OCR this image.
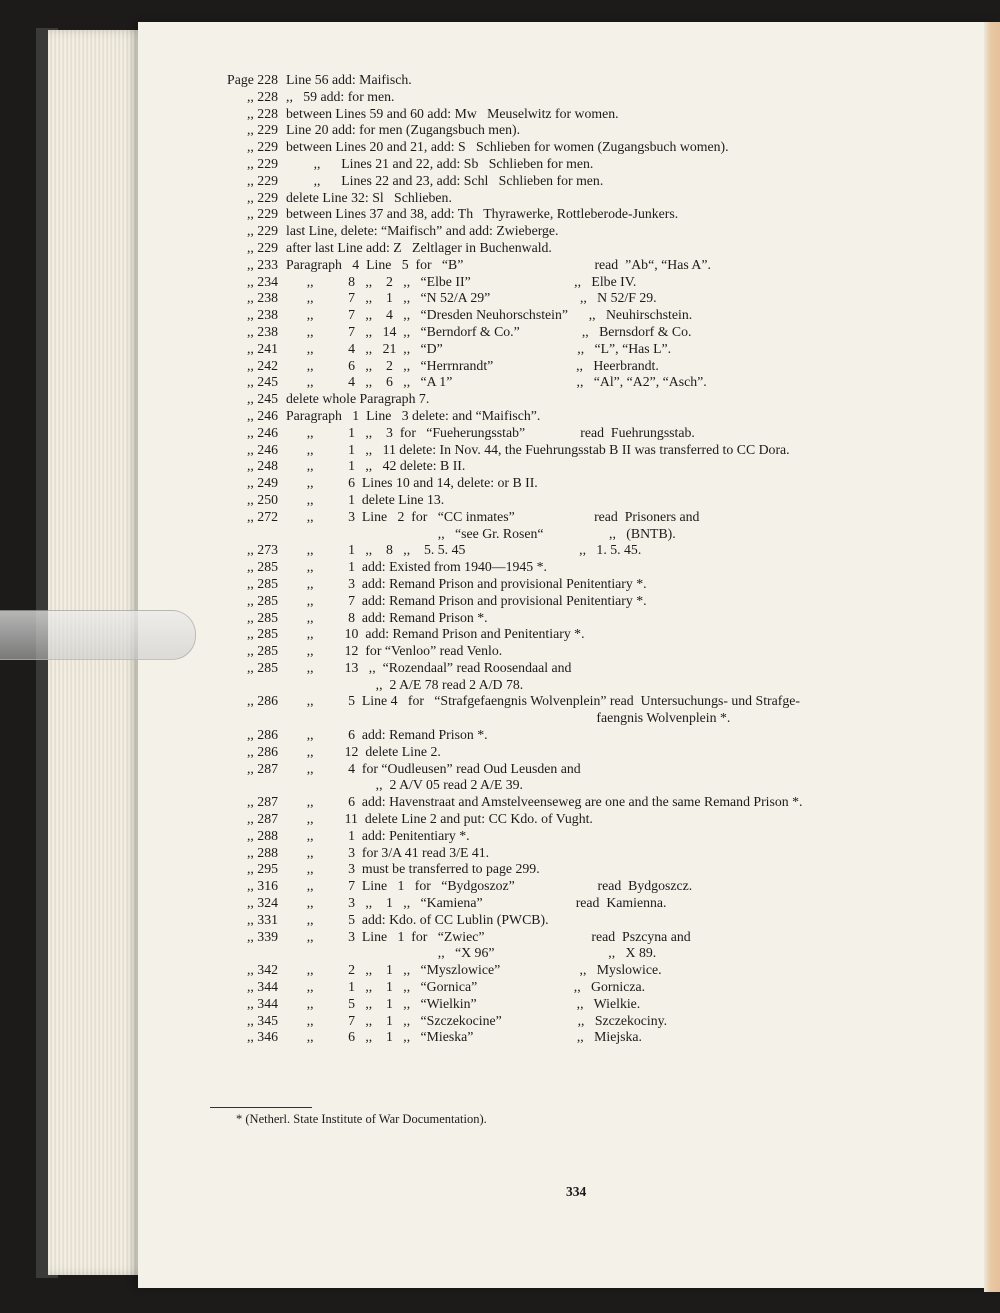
Page 228 Line 56 add: Maifisch.
,, 228 ,,   59 add: for men.
,, 228 between Lines 59 and 60 add: Mw   Meuselwitz for women.
,, 229 Line 20 add: for men (Zugangsbuch men).
,, 229 between Lines 20 and 21, add: S   Schlieben for women (Zugangsbuch women).
,, 229 ,,      Lines 21 and 22, add: Sb   Schlieben for men.
,, 229 ,,      Lines 22 and 23, add: Schl   Schlieben for men.
,, 229 delete Line 32: Sl   Schlieben.
,, 229 between Lines 37 and 38, add: Th   Thyrawerke, Rottleberode-Junkers.
,, 229 last Line, delete: “Maifisch” and add: Zwieberge.
,, 229 after last Line add: Z   Zeltlager in Buchenwald.
,, 233 Paragraph   4  Line   5  for   “B”                                      read  ”Ab“, “Has A”.
,, 234 ,,          8   ,,    2   ,,   “Elbe II”                              ,,   Elbe IV.
,, 238 ,,          7   ,,    1   ,,   “N 52/A 29”                          ,,   N 52/F 29.
,, 238 ,,          7   ,,    4   ,,   “Dresden Neuhorschstein”      ,,   Neuhirschstein.
,, 238 ,,          7   ,,   14  ,,   “Berndorf & Co.”                  ,,   Bernsdorf & Co.
,, 241 ,,          4   ,,   21  ,,   “D”                                       ,,   “L”, “Has L”.
,, 242 ,,          6   ,,    2   ,,   “Herrnrandt”                        ,,   Heerbrandt.
,, 245 ,,          4   ,,    6   ,,   “A 1”                                    ,,   “Al”, “A2”, “Asch”.
,, 245 delete whole Paragraph 7.
,, 246 Paragraph   1  Line   3 delete: and “Maifisch”.
,, 246 ,,          1   ,,    3  for   “Fueherungsstab”                read  Fuehrungsstab.
,, 246 ,,          1   ,,   11 delete: In Nov. 44, the Fuehrungsstab B II was transferred to CC Dora.
,, 248 ,,          1   ,,   42 delete: B II.
,, 249 ,,          6  Lines 10 and 14, delete: or B II.
,, 250 ,,          1  delete Line 13.
,, 272 ,,          3  Line   2  for   “CC inmates”                       read  Prisoners and
,,   “see Gr. Rosen“                   ,,   (BNTB).
,, 273 ,,          1   ,,    8   ,,    5. 5. 45                                 ,,   1. 5. 45.
,, 285 ,,          1  add: Existed from 1940—1945 *.
,, 285 ,,          3  add: Remand Prison and provisional Penitentiary *.
,, 285 ,,          7  add: Remand Prison and provisional Penitentiary *.
,, 285 ,,          8  add: Remand Prison *.
,, 285 ,,         10  add: Remand Prison and Penitentiary *.
,, 285 ,,         12  for “Venloo” read Venlo.
,, 285 ,,         13   ,,  “Rozendaal” read Roosendaal and
,,  2 A/E 78 read 2 A/D 78.
,, 286 ,,          5  Line 4   for   “Strafgefaengnis Wolvenplein” read  Untersuchungs- und Strafge-
faengnis Wolvenplein *.
,, 286 ,,          6  add: Remand Prison *.
,, 286 ,,         12  delete Line 2.
,, 287 ,,          4  for “Oudleusen” read Oud Leusden and
,,  2 A/V 05 read 2 A/E 39.
,, 287 ,,          6  add: Havenstraat and Amstelveenseweg are one and the same Remand Prison *.
,, 287 ,,         11  delete Line 2 and put: CC Kdo. of Vught.
,, 288 ,,          1  add: Penitentiary *.
,, 288 ,,          3  for 3/A 41 read 3/E 41.
,, 295 ,,          3  must be transferred to page 299.
,, 316 ,,          7  Line   1   for   “Bydgoszoz”                        read  Bydgoszcz.
,, 324 ,,          3   ,,    1   ,,   “Kamiena”                           read  Kamienna.
,, 331 ,,          5  add: Kdo. of CC Lublin (PWCB).
,, 339 ,,          3  Line   1  for   “Zwiec”                               read  Pszcyna and
,,   “X 96”                                 ,,   X 89.
,, 342 ,,          2   ,,    1   ,,   “Myszlowice”                       ,,   Myslowice.
,, 344 ,,          1   ,,    1   ,,   “Gornica”                            ,,   Gornicza.
,, 344 ,,          5   ,,    1   ,,   “Wielkin”                             ,,   Wielkie.
,, 345 ,,          7   ,,    1   ,,   “Szczekocine”                      ,,   Szczekociny.
,, 346 ,,          6   ,,    1   ,,   “Mieska”                              ,,   Miejska.
* (Netherl. State Institute of War Documentation).
334
